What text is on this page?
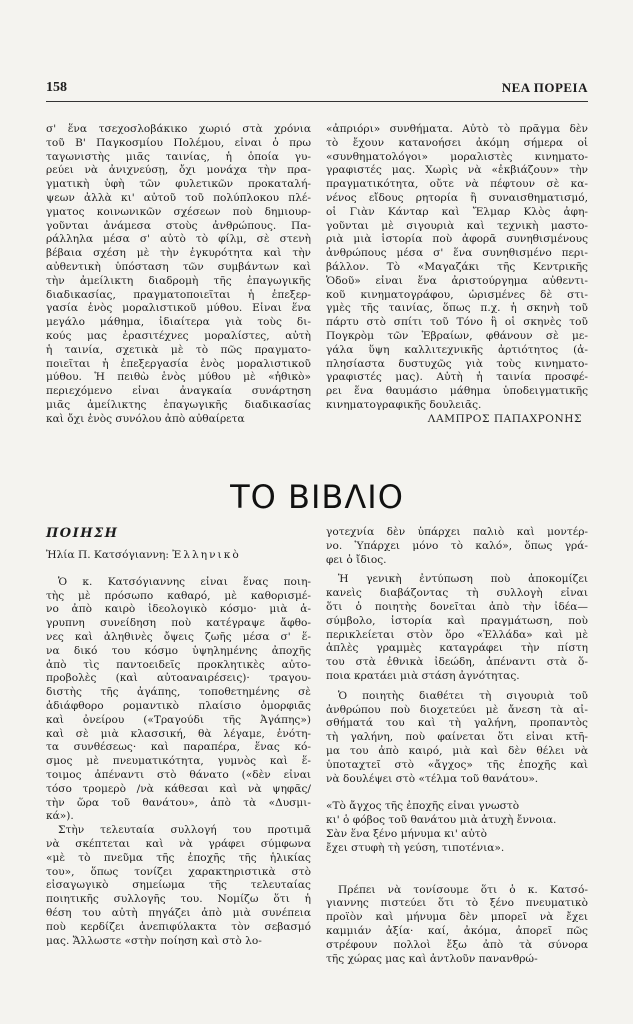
158	ΝΕΑ ΠΟΡΕΙΑ
σ' ἕνα τσεχοσλοβάκικο χωριό στὰ χρόνια
τοῦ Β' Παγκοσμίου Πολέμου, εἶναι ὁ πρω
ταγωνιστὴς μιᾶς ταινίας, ἡ ὁποία γυ-
ρεύει νὰ ἀνιχνεύσῃ, ὄχι μονάχα τὴν πρα-
γματικὴ ὑφὴ τῶν φυλετικῶν προκαταλή-
ψεων ἀλλὰ κι' αὐτοῦ τοῦ πολύπλοκου πλέ-
γματος κοινωνικῶν σχέσεων ποὺ δημιουρ-
γοῦνται ἀνάμεσα στοὺς ἀνθρώπους. Πα-
ράλληλα μέσα σ' αὐτὸ τὸ φίλμ, σὲ στενὴ
βέβαια σχέση μὲ τὴν ἐγκυρότητα καὶ τὴν
αὐθεντικὴ ὑπόσταση τῶν συμβάντων καὶ
τὴν ἀμείλικτη διαδρομὴ τῆς ἐπαγωγικῆς
διαδικασίας, πραγματοποιεῖται ἡ ἐπεξερ-
γασία ἑνὸς μοραλιστικοῦ μύθου. Εἶναι ἕνα
μεγάλο μάθημα, ἰδιαίτερα γιὰ τοὺς δι-
κούς μας ἐρασιτέχνες μοραλίστες, αὐτὴ
ἡ ταινία, σχετικὰ μὲ τὸ πῶς πραγματο-
ποιεῖται ἡ ἐπεξεργασία ἑνὸς μοραλιστικοῦ
μύθου. Ἡ πειθὼ ἑνὸς μύθου μὲ «ἠθικὸ»
περιεχόμενο εἶναι ἀναγκαία συνάρτηση
μιᾶς ἀμείλικτης ἐπαγωγικῆς διαδικασίας
καὶ ὄχι ἑνὸς συνόλου ἀπὸ αὐθαίρετα
«ἀπριόρι» συνθήματα. Αὐτὸ τὸ πρᾶγμα δὲν
τὸ ἔχουν κατανοήσει ἀκόμη σήμερα οἱ
«συνθηματολόγοι» μοραλιστὲς κινηματο-
γραφιστές μας. Χωρὶς νὰ «ἐκβιάζουν» τὴν
πραγματικότητα, οὔτε νὰ πέφτουν σὲ κα-
νένος εἴδους ρητορία ἢ συναισθηματισμό,
οἱ Γιὰν Κάνταρ καὶ Ἔλμαρ Κλὸς ἀφη-
γοῦνται μὲ σιγουριὰ καὶ τεχνικὴ μαστο-
ριὰ μιὰ ἱστορία ποὺ ἀφορᾶ συνηθισμένους
ἀνθρώπους μέσα σ' ἕνα συνηθισμένο περι-
βάλλον. Τὸ «Μαγαζάκι τῆς Κεντρικῆς
Ὁδοῦ» εἶναι ἕνα ἀριστούργημα αὐθεντι-
κοῦ κινηματογράφου, ὡρισμένες δὲ στι-
γμὲς τῆς ταινίας, ὅπως π.χ. ἡ σκηνὴ τοῦ
πάρτυ στὸ σπίτι τοῦ Τόνο ἢ οἱ σκηνὲς τοῦ
Πογκρὸμ τῶν Ἑβραίων, φθάνουν σὲ με-
γάλα ὕψη καλλιτεχνικῆς ἀρτιότητος (ἀ-
πλησίαστα δυστυχῶς γιὰ τοὺς κινηματο-
γραφιστές μας). Αὐτὴ ἡ ταινία προσφέ-
ρει ἕνα θαυμάσιο μάθημα ὑποδειγματικῆς
κινηματογραφικῆς δουλειᾶς.
ΛΑΜΠΡΟΣ ΠΑΠΑΧΡΟΝΗΣ
ΤΟ ΒΙΒΛΙΟ
ΠΟΙΗΣΗ
Ἠλία Π. Κατσόγιαννη: Ἐλληνικὸ
Ὁ κ. Κατσόγιαννης εἶναι ἕνας ποιη-
τὴς μὲ πρόσωπο καθαρό, μὲ καθορισμέ-
νο ἀπὸ καιρὸ ἰδεολογικὸ κόσμο· μιὰ ἀ-
γρυπνη συνείδηση ποὺ κατέγραψε ἄφθο-
νες καὶ ἀληθινὲς ὄψεις ζωῆς μέσα σ' ἕ-
να δικό του κόσμο ὑψηλημένης ἀποχῆς
ἀπὸ τὶς παντοειδεῖς προκλητικὲς αὐτο-
προβολὲς (καὶ αὐτοαναιρέσεις)· τραγου-
διστὴς τῆς ἀγάπης, τοποθετημένης σὲ
ἀδιάφθορο ρομαντικὸ πλαίσιο ὀμορφιᾶς
καὶ ὀνείρου («Τραγούδι τῆς Ἀγάπης»)
καὶ σὲ μιὰ κλασσική, θὰ λέγαμε, ἑνότη-
τα συνθέσεως· καὶ παραπέρα, ἕνας κό-
σμος μὲ πνευματικότητα, γυμνὸς καὶ ἕ-
τοιμος ἀπέναντι στὸ θάνατο («δὲν εἶναι
τόσο τρομερὸ /νὰ κάθεσαι καὶ νὰ ψηφᾶς/
τὴν ὥρα τοῦ θανάτου», ἀπὸ τὰ «Δυσμι-
κά»).
Στὴν τελευταία συλλογή του προτιμᾶ
νὰ σκέπτεται καὶ νὰ γράφει σύμφωνα
«μὲ τὸ πνεῦμα τῆς ἐποχῆς τῆς ἡλικίας
του», ὅπως τονίζει χαρακτηριστικὰ στὸ
εἰσαγωγικὸ σημείωμα τῆς τελευταίας
ποιητικῆς συλλογῆς του. Νομίζω ὅτι ἡ
θέση του αὐτὴ πηγάζει ἀπὸ μιὰ συνέπεια
ποὺ κερδίζει ἀνεπιφύλακτα τὸν σεβασμό
μας. Ἄλλωστε «στὴν ποίηση καὶ στὸ λο-
γοτεχνία δὲν ὑπάρχει παλιὸ καὶ μοντέρ-
νο. Ὑπάρχει μόνο τὸ καλό», ὅπως γρά-
φει ὁ ἴδιος.
Ἡ γενικὴ ἐντύπωση ποὺ ἀποκομίζει
κανεὶς διαβάζοντας τὴ συλλογὴ εἶναι
ὅτι ὁ ποιητὴς δονεῖται ἀπὸ τὴν ἰδέα—
σύμβολο, ἱστορία καὶ πραγμάτωση, ποὺ
περικλείεται στὸν ὅρο «Ἑλλάδα» καὶ μὲ
ἁπλὲς γραμμὲς καταγράφει τὴν πίστη
του στὰ ἐθνικὰ ἰδεώδη, ἀπέναντι στὰ ὅ-
ποια κρατάει μιὰ στάση ἀγνότητας.
Ὁ ποιητὴς διαθέτει τὴ σιγουριὰ τοῦ
ἀνθρώπου ποὺ διοχετεύει μὲ ἄνεση τὰ αἰ-
σθήματά του καὶ τὴ γαλήνη, προπαντὸς
τὴ γαλήνη, ποὺ φαίνεται ὅτι εἶναι κτῆ-
μα του ἀπὸ καιρό, μιὰ καὶ δὲν θέλει νὰ
ὑποταχτεῖ στὸ «ἄγχος» τῆς ἐποχῆς καὶ
νὰ δουλέψει στὸ «τέλμα τοῦ θανάτου».
«Τὸ ἄγχος τῆς ἐποχῆς εἶναι γνωστὸ
κι' ὁ φόβος τοῦ θανάτου μιὰ ἀτυχὴ ἔννοια.
Σὰν ἕνα ξένο μήνυμα κι' αὐτὸ
ἔχει στυφὴ τὴ γεύση, τιποτένια».
Πρέπει νὰ τονίσουμε ὅτι ὁ κ. Κατσό-
γιαννης πιστεύει ὅτι τὸ ξένο πνευματικὸ
προϊὸν καὶ μήνυμα δὲν μπορεῖ νὰ ἔχει
καμμιάν ἀξία· καί, ἀκόμα, ἀπορεῖ πῶς
στρέφουν πολλοὶ ἔξω ἀπὸ τὰ σύνορα
τῆς χώρας μας καὶ ἀντλοῦν πανανθρώ-
